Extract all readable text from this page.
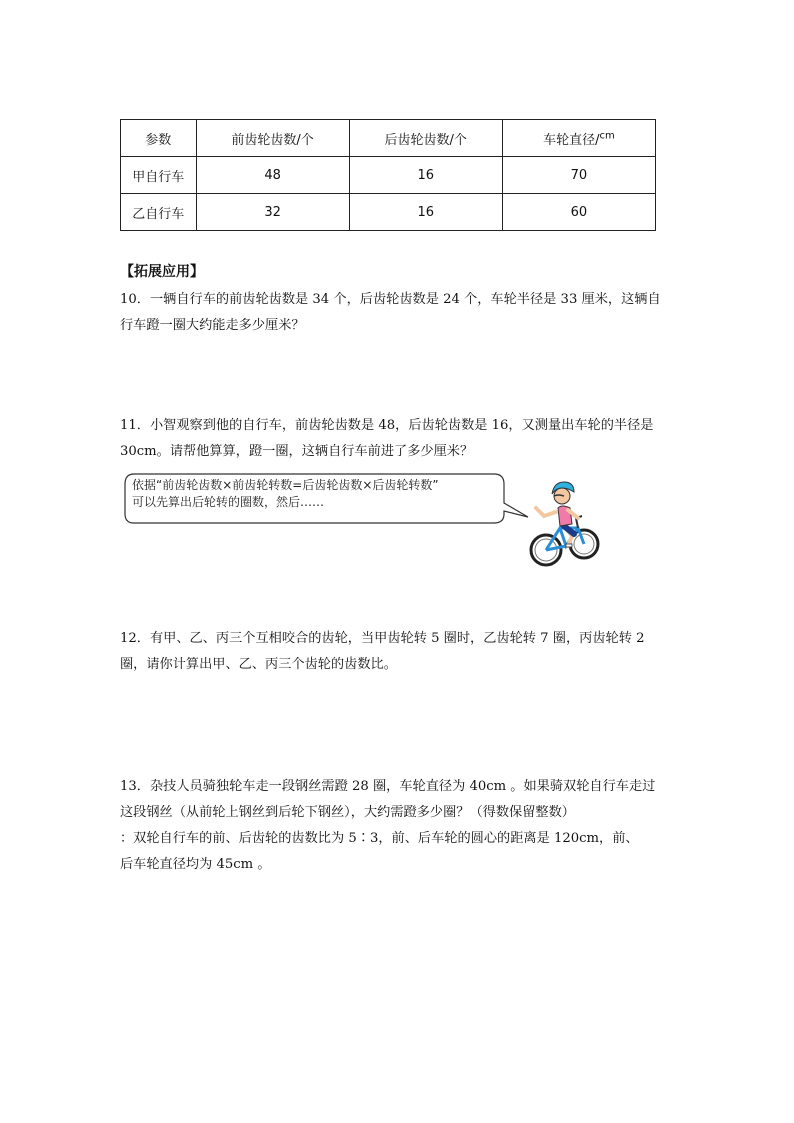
参数	前齿轮齿数/个	后齿轮齿数/个	车轮直径/$^{cm}$
甲自行车	48	16	70
乙自行车	32	16	60
【拓展应用】
10．一辆自行车的前齿轮齿数是 34 个，后齿轮齿数是 24 个，车轮半径是 33 厘米，这辆自
行车蹬一圈大约能走多少厘米？
11．小智观察到他的自行车，前齿轮齿数是 48，后齿轮齿数是 16，又测量出车轮的半径是
30cm。请帮他算算，蹬一圈，这辆自行车前进了多少厘米？
依据“前齿轮齿数×前齿轮转数=后齿轮齿数×后齿轮转数”
可以先算出后轮转的圈数，然后……
12．有甲、乙、丙三个互相咬合的齿轮，当甲齿轮转 5 圈时，乙齿轮转 7 圈，丙齿轮转 2
圈，请你计算出甲、乙、丙三个齿轮的齿数比。
13．杂技人员骑独轮车走一段钢丝需蹬 28 圈，车轮直径为 40cm 。如果骑双轮自行车走过
这段钢丝（从前轮上钢丝到后轮下钢丝），大约需蹬多少圈？（得数保留整数）
：双轮自行车的前、后齿轮的齿数比为 5∶3，前、后车轮的圆心的距离是 120cm，前、
后车轮直径均为 45cm 。
